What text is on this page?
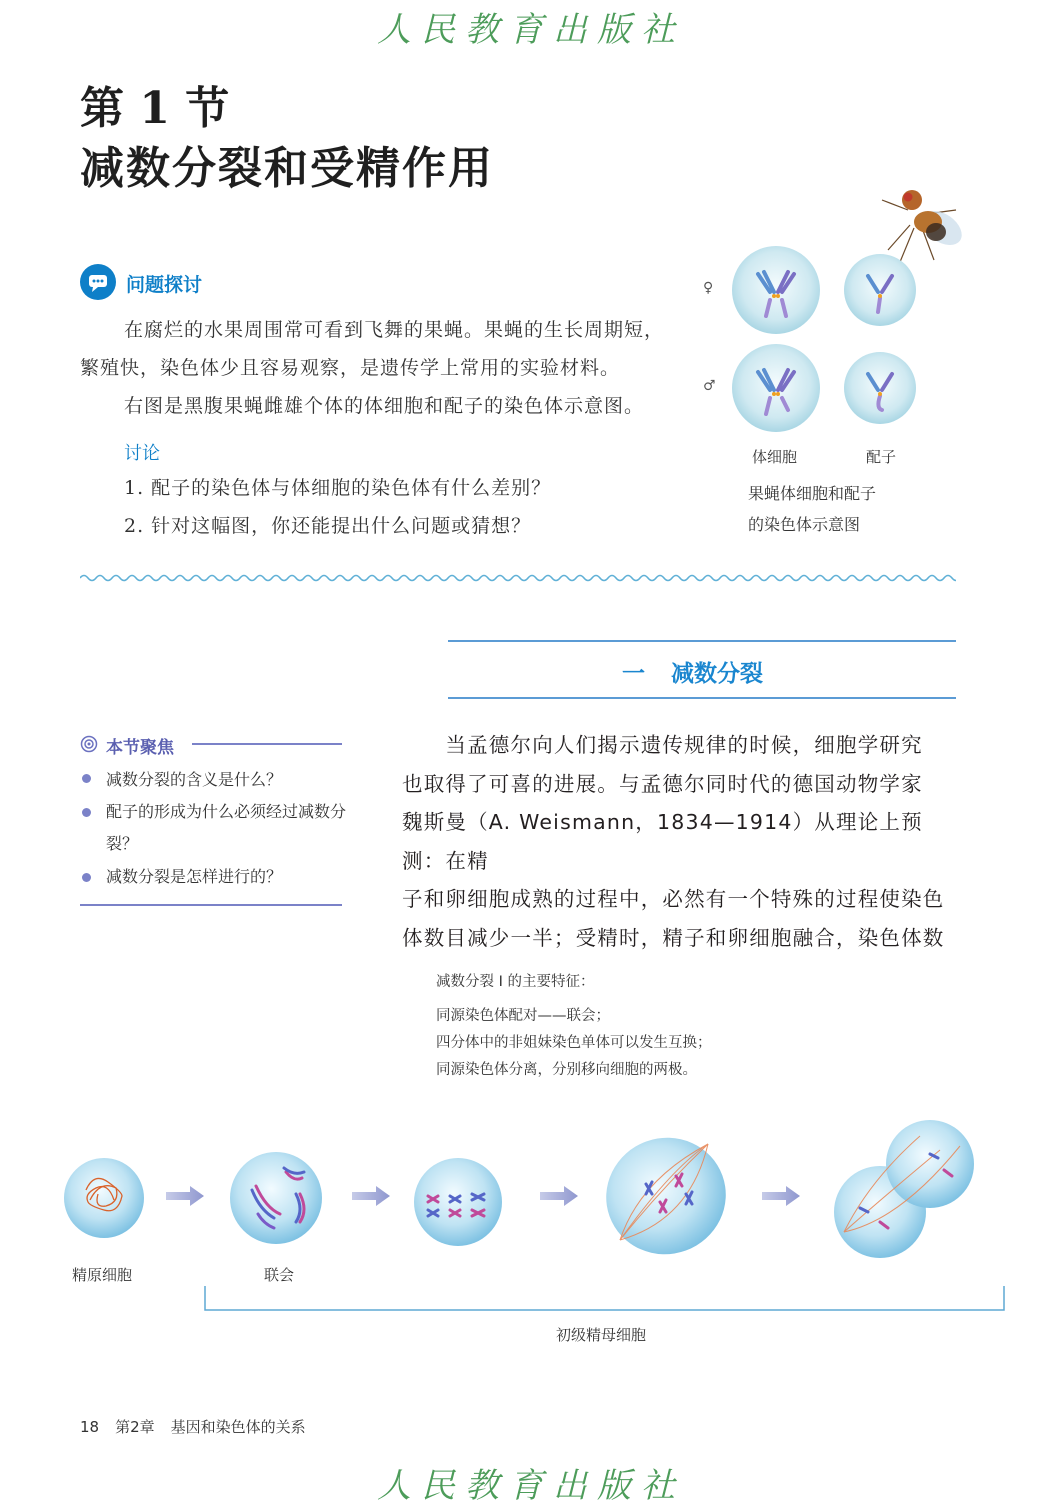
人民教育出版社
第 1 节
减数分裂和受精作用
问题探讨
在腐烂的水果周围常可看到飞舞的果蝇。果蝇的生长周期短，
繁殖快，染色体少且容易观察，是遗传学上常用的实验材料。
右图是黑腹果蝇雌雄个体的体细胞和配子的染色体示意图。
讨论
1. 配子的染色体与体细胞的染色体有什么差别？
2. 针对这幅图，你还能提出什么问题或猜想？
♀
♂
体细胞	配子
果蝇体细胞和配子
的染色体示意图
一 减数分裂
本节聚焦
减数分裂的含义是什么？
配子的形成为什么必须经过减数分裂？
减数分裂是怎样进行的？
　　当孟德尔向人们揭示遗传规律的时候，细胞学研究
也取得了可喜的进展。与孟德尔同时代的德国动物学家
魏斯曼（A. Weismann，1834—1914）从理论上预测：在精
子和卵细胞成熟的过程中，必然有一个特殊的过程使染色
体数目减少一半；受精时，精子和卵细胞融合，染色体数
减数分裂 Ⅰ 的主要特征：
同源染色体配对——联会；
四分体中的非姐妹染色单体可以发生互换；
同源染色体分离，分别移向细胞的两极。
精原细胞	联会
初级精母细胞
18 第2章 基因和染色体的关系
人民教育出版社
